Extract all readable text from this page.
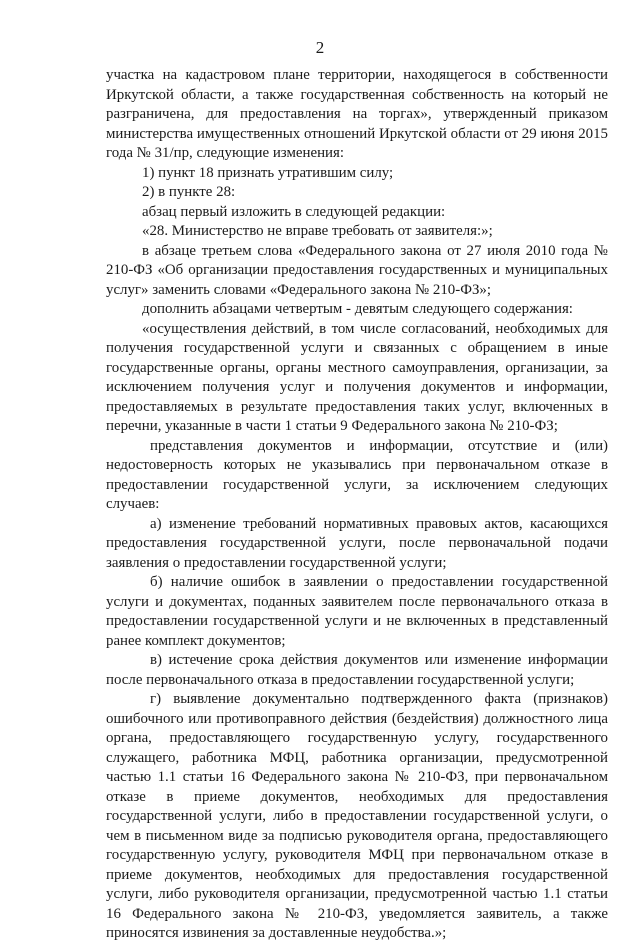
2

участка на кадастровом плане территории, находящегося в собственности Иркутской области, а также государственная собственность на который не разграничена, для предоставления на торгах», утвержденный приказом министерства имущественных отношений Иркутской области от 29 июня 2015 года № 31/пр, следующие изменения:

1) пункт 18 признать утратившим силу;

2) в пункте 28:

абзац первый изложить в следующей редакции:

«28. Министерство не вправе требовать от заявителя:»;

в абзаце третьем слова «Федерального закона от 27 июля 2010 года № 210-ФЗ «Об организации предоставления государственных и муниципальных услуг» заменить словами «Федерального закона № 210-ФЗ»;

дополнить абзацами четвертым - девятым следующего содержания:

«осуществления действий, в том числе согласований, необходимых для получения государственной услуги и связанных с обращением в иные государственные органы, органы местного самоуправления, организации, за исключением получения услуг и получения документов и информации, предоставляемых в результате предоставления таких услуг, включенных в перечни, указанные в части 1 статьи 9 Федерального закона № 210-ФЗ;

представления документов и информации, отсутствие и (или) недостоверность которых не указывались при первоначальном отказе в предоставлении государственной услуги, за исключением следующих случаев:

а) изменение требований нормативных правовых актов, касающихся предоставления государственной услуги, после первоначальной подачи заявления о предоставлении государственной услуги;

б) наличие ошибок в заявлении о предоставлении государственной услуги и документах, поданных заявителем после первоначального отказа в предоставлении государственной услуги и не включенных в представленный ранее комплект документов;

в) истечение срока действия документов или изменение информации после первоначального отказа в предоставлении государственной услуги;

г) выявление документально подтвержденного факта (признаков) ошибочного или противоправного действия (бездействия) должностного лица органа, предоставляющего государственную услугу, государственного служащего, работника МФЦ, работника организации, предусмотренной частью 1.1 статьи 16 Федерального закона № 210-ФЗ, при первоначальном отказе в приеме документов, необходимых для предоставления государственной услуги, либо в предоставлении государственной услуги, о чем в письменном виде за подписью руководителя органа, предоставляющего государственную услугу, руководителя МФЦ при первоначальном отказе в приеме документов, необходимых для предоставления государственной услуги, либо руководителя организации, предусмотренной частью 1.1 статьи 16 Федерального закона № 210-ФЗ, уведомляется заявитель, а также приносятся извинения за доставленные неудобства.»;
